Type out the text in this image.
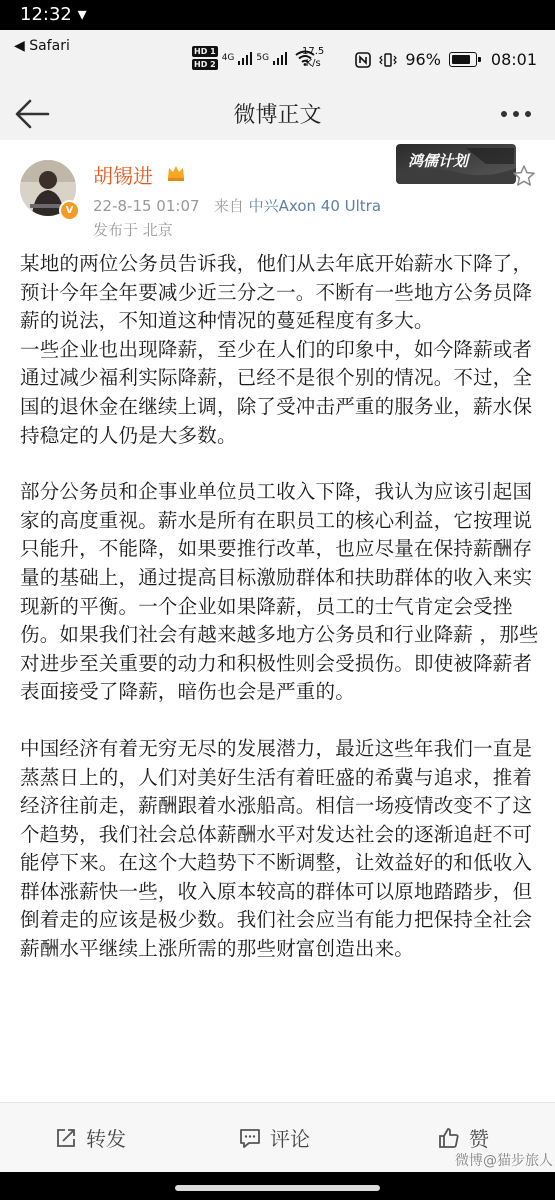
12:32 ▾
◀ Safari	HD 1
HD 2
4G 5G
17.5
K/s	96%	08:01
微博正文
V
胡锡进
22-8-15 01:07 来自 中兴Axon 40 Ultra
发布于 北京
鸿儒计划

某地的两位公务员告诉我，他们从去年底开始薪水下降了，预计今年全年要减少近三分之一。不断有一些地方公务员降薪的说法，不知道这种情况的蔓延程度有多大。

一些企业也出现降薪，至少在人们的印象中，如今降薪或者通过减少福利实际降薪，已经不是很个别的情况。不过，全国的退休金在继续上调，除了受冲击严重的服务业，薪水保持稳定的人仍是大多数。

部分公务员和企事业单位员工收入下降，我认为应该引起国家的高度重视。薪水是所有在职员工的核心利益，它按理说只能升，不能降，如果要推行改革，也应尽量在保持薪酬存量的基础上，通过提高目标激励群体和扶助群体的收入来实现新的平衡。一个企业如果降薪，员工的士气肯定会受挫伤。如果我们社会有越来越多地方公务员和行业降薪 ，那些对进步至关重要的动力和积极性则会受损伤。即使被降薪者表面接受了降薪，暗伤也会是严重的。

中国经济有着无穷无尽的发展潜力，最近这些年我们一直是蒸蒸日上的，人们对美好生活有着旺盛的希冀与追求，推着经济往前走，薪酬跟着水涨船高。相信一场疫情改变不了这个趋势，我们社会总体薪酬水平对发达社会的逐渐追赶不可能停下来。在这个大趋势下不断调整，让效益好的和低收入群体涨薪快一些，收入原本较高的群体可以原地踏踏步，但倒着走的应该是极少数。我们社会应当有能力把保持全社会薪酬水平继续上涨所需的那些财富创造出来。

转发	评论	赞
微博@猫步旅人
